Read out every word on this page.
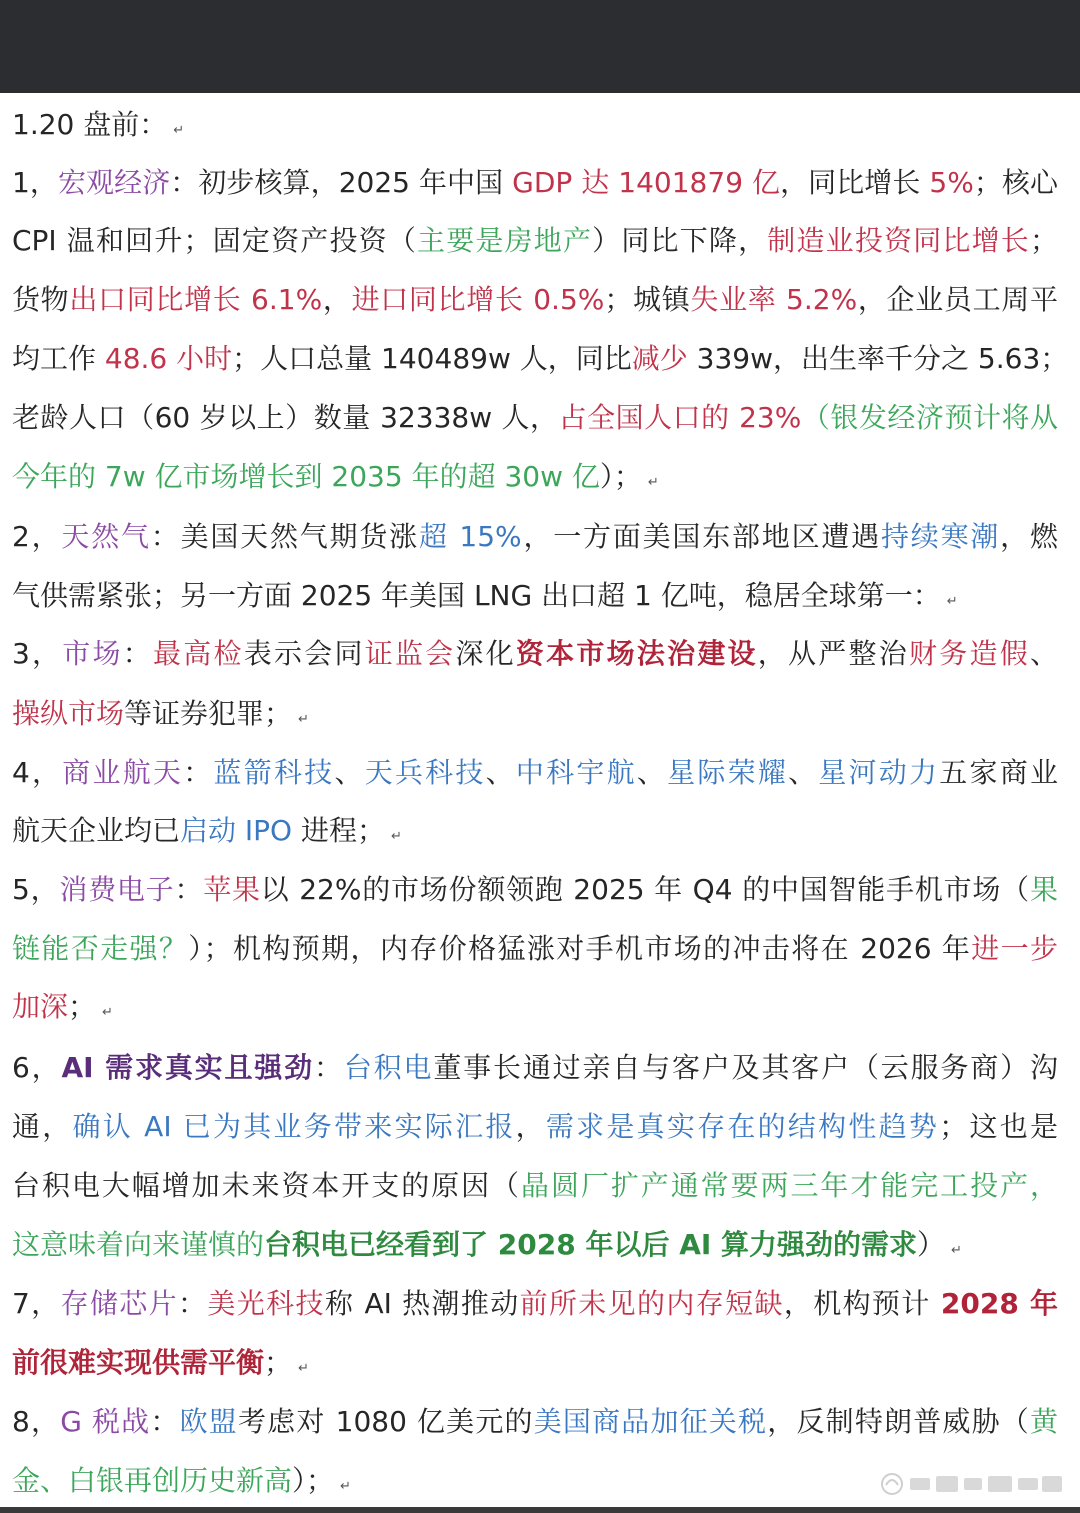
1.20 盘前： ↵
1，宏观经济：初步核算，2025 年中国 GDP 达 1401879 亿，同比增长 5%；核心
CPI 温和回升；固定资产投资（主要是房地产）同比下降，制造业投资同比增长；
货物出口同比增长 6.1%，进口同比增长 0.5%；城镇失业率 5.2%，企业员工周平
均工作 48.6 小时；人口总量 140489w 人，同比减少 339w，出生率千分之 5.63；
老龄人口（60 岁以上）数量 32338w 人，占全国人口的 23%（银发经济预计将从
今年的 7w 亿市场增长到 2035 年的超 30w 亿）； ↵
2，天然气：美国天然气期货涨超 15%，一方面美国东部地区遭遇持续寒潮，燃
气供需紧张；另一方面 2025 年美国 LNG 出口超 1 亿吨，稳居全球第一： ↵
3，市场：最高检表示会同证监会深化资本市场法治建设，从严整治财务造假、
操纵市场等证券犯罪； ↵
4，商业航天：蓝箭科技、天兵科技、中科宇航、星际荣耀、星河动力五家商业
航天企业均已启动 IPO 进程； ↵
5，消费电子：苹果以 22%的市场份额领跑 2025 年 Q4 的中国智能手机市场（果
链能否走强？）；机构预期，内存价格猛涨对手机市场的冲击将在 2026 年进一步
加深； ↵
6，AI 需求真实且强劲：台积电董事长通过亲自与客户及其客户（云服务商）沟
通，确认 AI 已为其业务带来实际汇报，需求是真实存在的结构性趋势；这也是
台积电大幅增加未来资本开支的原因（晶圆厂扩产通常要两三年才能完工投产，
这意味着向来谨慎的台积电已经看到了 2028 年以后 AI 算力强劲的需求） ↵
7，存储芯片：美光科技称 AI 热潮推动前所未见的内存短缺，机构预计 2028 年
前很难实现供需平衡； ↵
8，G 税战：欧盟考虑对 1080 亿美元的美国商品加征关税，反制特朗普威胁（黄
金、白银再创历史新高）； ↵
